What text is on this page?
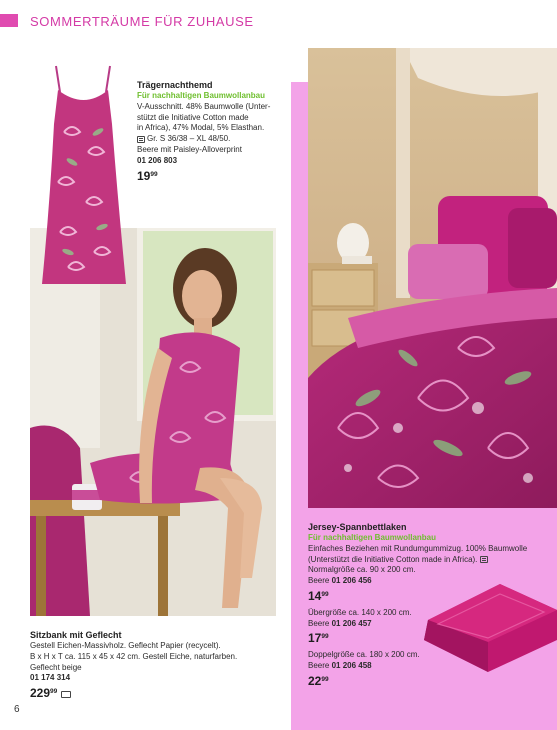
SOMMERTRÄUME FÜR ZUHAUSE
Trägernachthemd
Für nachhaltigen Baumwollanbau
V-Ausschnitt. 48% Baumwolle (Unter-
stützt die Initiative Cotton made
in Africa), 47% Modal, 5% Elasthan.
Gr. S 36/38 – XL 48/50.
Beere mit Paisley-Alloverprint
01 206 803
$19^{99}$
Sitzbank mit Geflecht
Gestell Eichen-Massivholz. Geflecht Papier (recycelt).
B x H x T ca. 115 x 45 x 42 cm. Gestell Eiche, naturfarben.
Geflecht beige
01 174 314
$229^{99}$
Jersey-Spannbettlaken
Für nachhaltigen Baumwollanbau
Einfaches Beziehen mit Rundumgummizug. 100% Baumwolle
(Unterstützt die Initiative Cotton made in Africa).
Normalgröße ca. 90 x 200 cm.
Beere 01 206 456
$14^{99}$
Übergröße ca. 140 x 200 cm.
Beere 01 206 457
$17^{99}$
Doppelgröße ca. 180 x 200 cm.
Beere 01 206 458
$22^{99}$
6
